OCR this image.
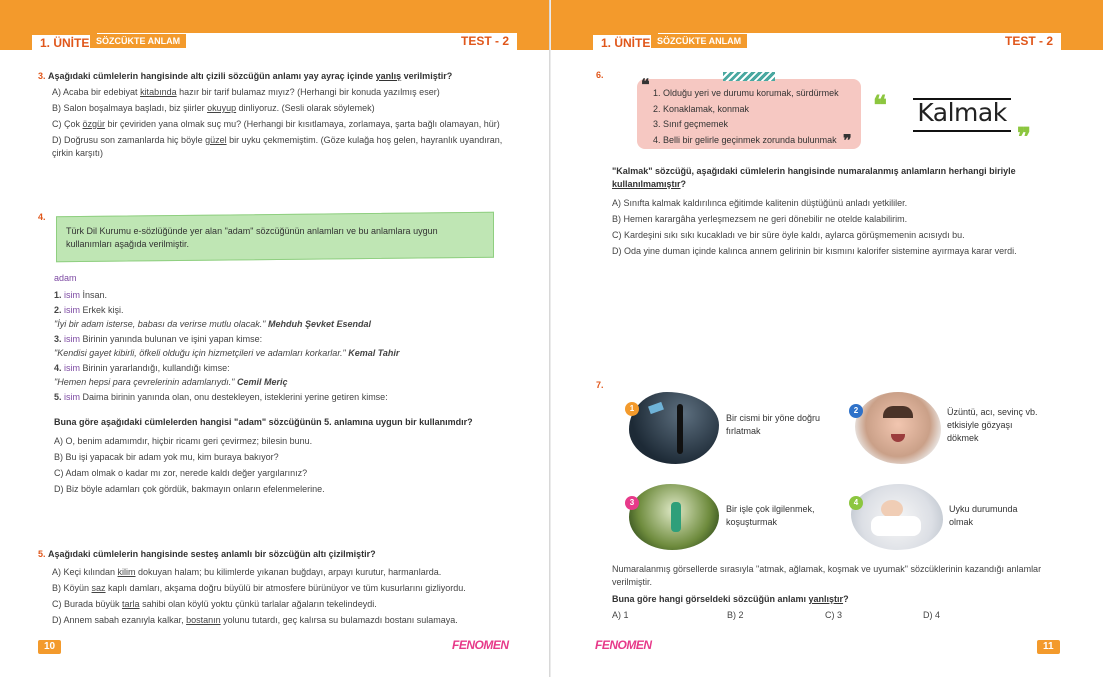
1. ÜNİTE SÖZCÜKTE ANLAM	TEST - 2
3. Aşağıdaki cümlelerin hangisinde altı çizili sözcüğün anlamı yay ayraç içinde yanlış verilmiştir?
A) Acaba bir edebiyat kitabında hazır bir tarif bulamaz mıyız? (Herhangi bir konuda yazılmış eser)
B) Salon boşalmaya başladı, biz şiirler okuyup dinliyoruz. (Sesli olarak söylemek)
C) Çok özgür bir çeviriden yana olmak suç mu? (Herhangi bir kısıtlamaya, zorlamaya, şarta bağlı olamayan, hür)
D) Doğrusu son zamanlarda hiç böyle güzel bir uyku çekmemiştim. (Göze kulağa hoş gelen, hayranlık uyandıran, çirkin karşıtı)
4.
Türk Dil Kurumu e-sözlüğünde yer alan "adam" sözcüğünün anlamları ve bu anlamlara uygun kullanımları aşağıda verilmiştir.
adam
1. isim İnsan.
2. isim Erkek kişi.
"İyi bir adam isterse, babası da verirse mutlu olacak." Mehduh Şevket Esendal
3. isim Birinin yanında bulunan ve işini yapan kimse:
"Kendisi gayet kibirli, öfkeli olduğu için hizmetçileri ve adamları korkarlar." Kemal Tahir
4. isim Birinin yararlandığı, kullandığı kimse:
"Hemen hepsi para çevrelerinin adamlarıydı." Cemil Meriç
5. isim Daima birinin yanında olan, onu destekleyen, isteklerini yerine getiren kimse:
Buna göre aşağıdaki cümlelerden hangisi "adam" sözcüğünün 5. anlamına uygun bir kullanımdır?
A) O, benim adamımdır, hiçbir ricamı geri çevirmez; bilesin bunu.
B) Bu işi yapacak bir adam yok mu, kim buraya bakıyor?
C) Adam olmak o kadar mı zor, nerede kaldı değer yargılarınız?
D) Biz böyle adamları çok gördük, bakmayın onların efelenmelerine.
5. Aşağıdaki cümlelerin hangisinde sesteş anlamlı bir sözcüğün altı çizilmiştir?
A) Keçi kılından kilim dokuyan halam; bu kilimlerde yıkanan buğdayı, arpayı kurutur, harmanlarda.
B) Köyün saz kaplı damları, akşama doğru büyülü bir atmosfere bürünüyor ve tüm kusurlarını gizliyordu.
C) Burada büyük tarla sahibi olan köylü yoktu çünkü tarlalar ağaların tekelindeydi.
D) Annem sabah ezanıyla kalkar, bostanın yolunu tutardı, geç kalırsa su bulamazdı bostanı sulamaya.
10	FENOMEN
1. ÜNİTE SÖZCÜKTE ANLAM	TEST - 2
6.
❝
❞
1. Olduğu yeri ve durumu korumak, sürdürmek
2. Konaklamak, konmak
3. Sınıf geçmemek
4. Belli bir gelirle geçinmek zorunda bulunmak
❝ Kalmak
❞
"Kalmak" sözcüğü, aşağıdaki cümlelerin hangisinde numaralanmış anlamların herhangi biriyle kullanılmamıştır?
A) Sınıfta kalmak kaldırılınca eğitimde kalitenin düştüğünü anladı yetkililer.
B) Hemen karargâha yerleşmezsem ne geri dönebilir ne otelde kalabilirim.
C) Kardeşini sıkı sıkı kucakladı ve bir süre öyle kaldı, aylarca görüşmemenin acısıydı bu.
D) Oda yine duman içinde kalınca annem gelirinin bir kısmını kalorifer sistemine ayırmaya karar verdi.
7.
1
Bir cismi bir yöne doğru fırlatmak
2	Üzüntü, acı, sevinç vb. etkisiyle gözyaşı dökmek
3
Bir işle çok ilgilenmek, koşuşturmak
4
Uyku durumunda olmak
Numaralanmış görsellerde sırasıyla "atmak, ağlamak, koşmak ve uyumak" sözcüklerinin kazandığı anlamlar verilmiştir.
Buna göre hangi görseldeki sözcüğün anlamı yanlıştır?
A) 1	B) 2	C) 3	D) 4
FENOMEN	11
